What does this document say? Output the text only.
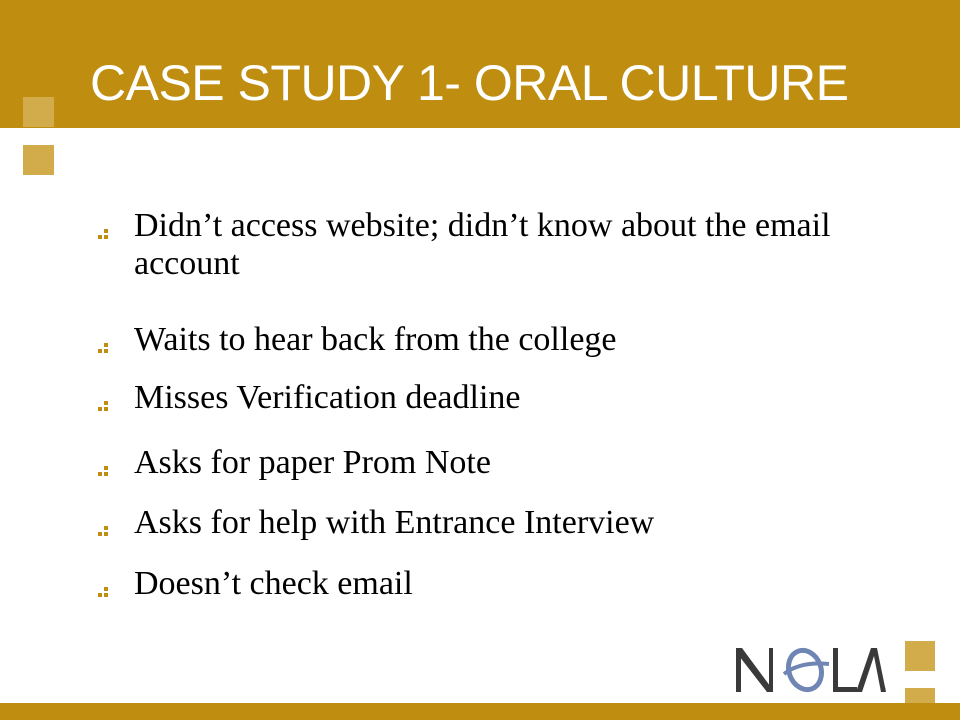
CASE STUDY 1- ORAL CULTURE
Didn’t access website; didn’t know about the email account
Waits to hear back from the college
Misses Verification deadline
Asks for paper Prom Note
Asks for help with Entrance Interview
Doesn’t check email
